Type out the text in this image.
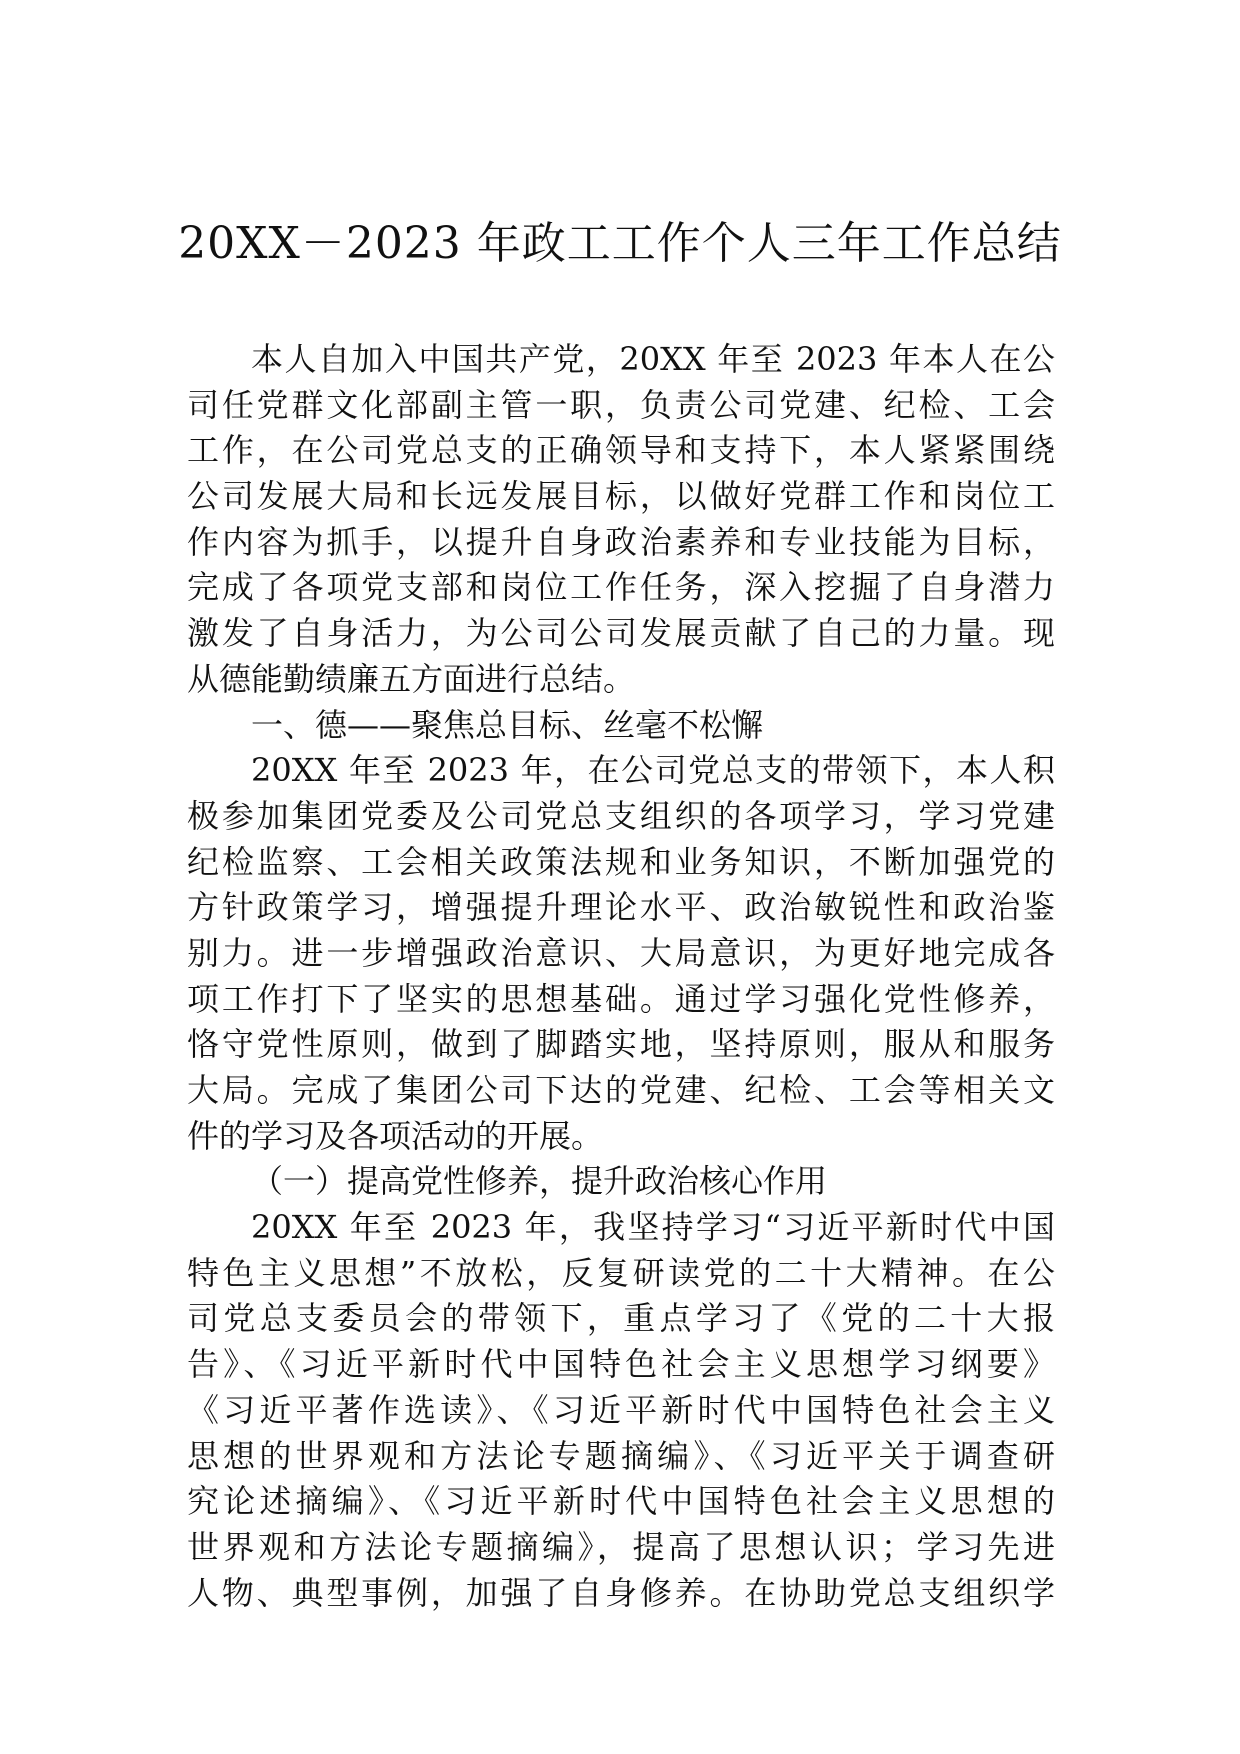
20XX－2023 年政工工作个人三年工作总结
本人自加入中国共产党，20XX 年至 2023 年本人在公
司任党群文化部副主管一职，负责公司党建、纪检、工会
工作，在公司党总支的正确领导和支持下，本人紧紧围绕
公司发展大局和长远发展目标，以做好党群工作和岗位工
作内容为抓手，以提升自身政治素养和专业技能为目标，
完成了各项党支部和岗位工作任务，深入挖掘了自身潜力
激发了自身活力，为公司公司发展贡献了自己的力量。现
从德能勤绩廉五方面进行总结。
一、德——聚焦总目标、丝毫不松懈
20XX 年至 2023 年，在公司党总支的带领下，本人积
极参加集团党委及公司党总支组织的各项学习，学习党建
纪检监察、工会相关政策法规和业务知识，不断加强党的
方针政策学习，增强提升理论水平、政治敏锐性和政治鉴
别力。进一步增强政治意识、大局意识，为更好地完成各
项工作打下了坚实的思想基础。通过学习强化党性修养，
恪守党性原则，做到了脚踏实地，坚持原则，服从和服务
大局。完成了集团公司下达的党建、纪检、工会等相关文
件的学习及各项活动的开展。
（一）提高党性修养，提升政治核心作用
20XX 年至 2023 年，我坚持学习“习近平新时代中国
特色主义思想”不放松，反复研读党的二十大精神。在公
司党总支委员会的带领下，重点学习了《党的二十大报
告》、《习近平新时代中国特色社会主义思想学习纲要》
《习近平著作选读》、《习近平新时代中国特色社会主义
思想的世界观和方法论专题摘编》、《习近平关于调查研
究论述摘编》、《习近平新时代中国特色社会主义思想的
世界观和方法论专题摘编》，提高了思想认识；学习先进
人物、典型事例，加强了自身修养。在协助党总支组织学
